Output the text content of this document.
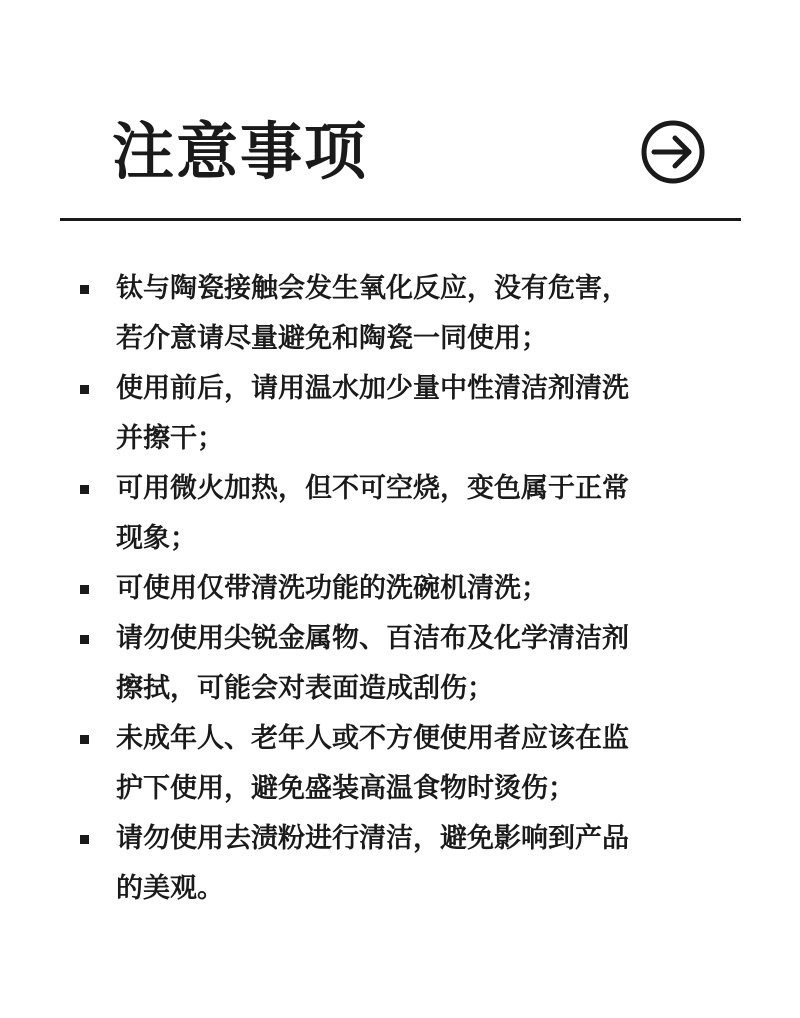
注意事项
钛与陶瓷接触会发生氧化反应，没有危害，
若介意请尽量避免和陶瓷一同使用；
使用前后，请用温水加少量中性清洁剂清洗
并擦干；
可用微火加热，但不可空烧，变色属于正常
现象；
可使用仅带清洗功能的洗碗机清洗；
请勿使用尖锐金属物、百洁布及化学清洁剂
擦拭，可能会对表面造成刮伤；
未成年人、老年人或不方便使用者应该在监
护下使用，避免盛装高温食物时烫伤；
请勿使用去渍粉进行清洁，避免影响到产品
的美观。
